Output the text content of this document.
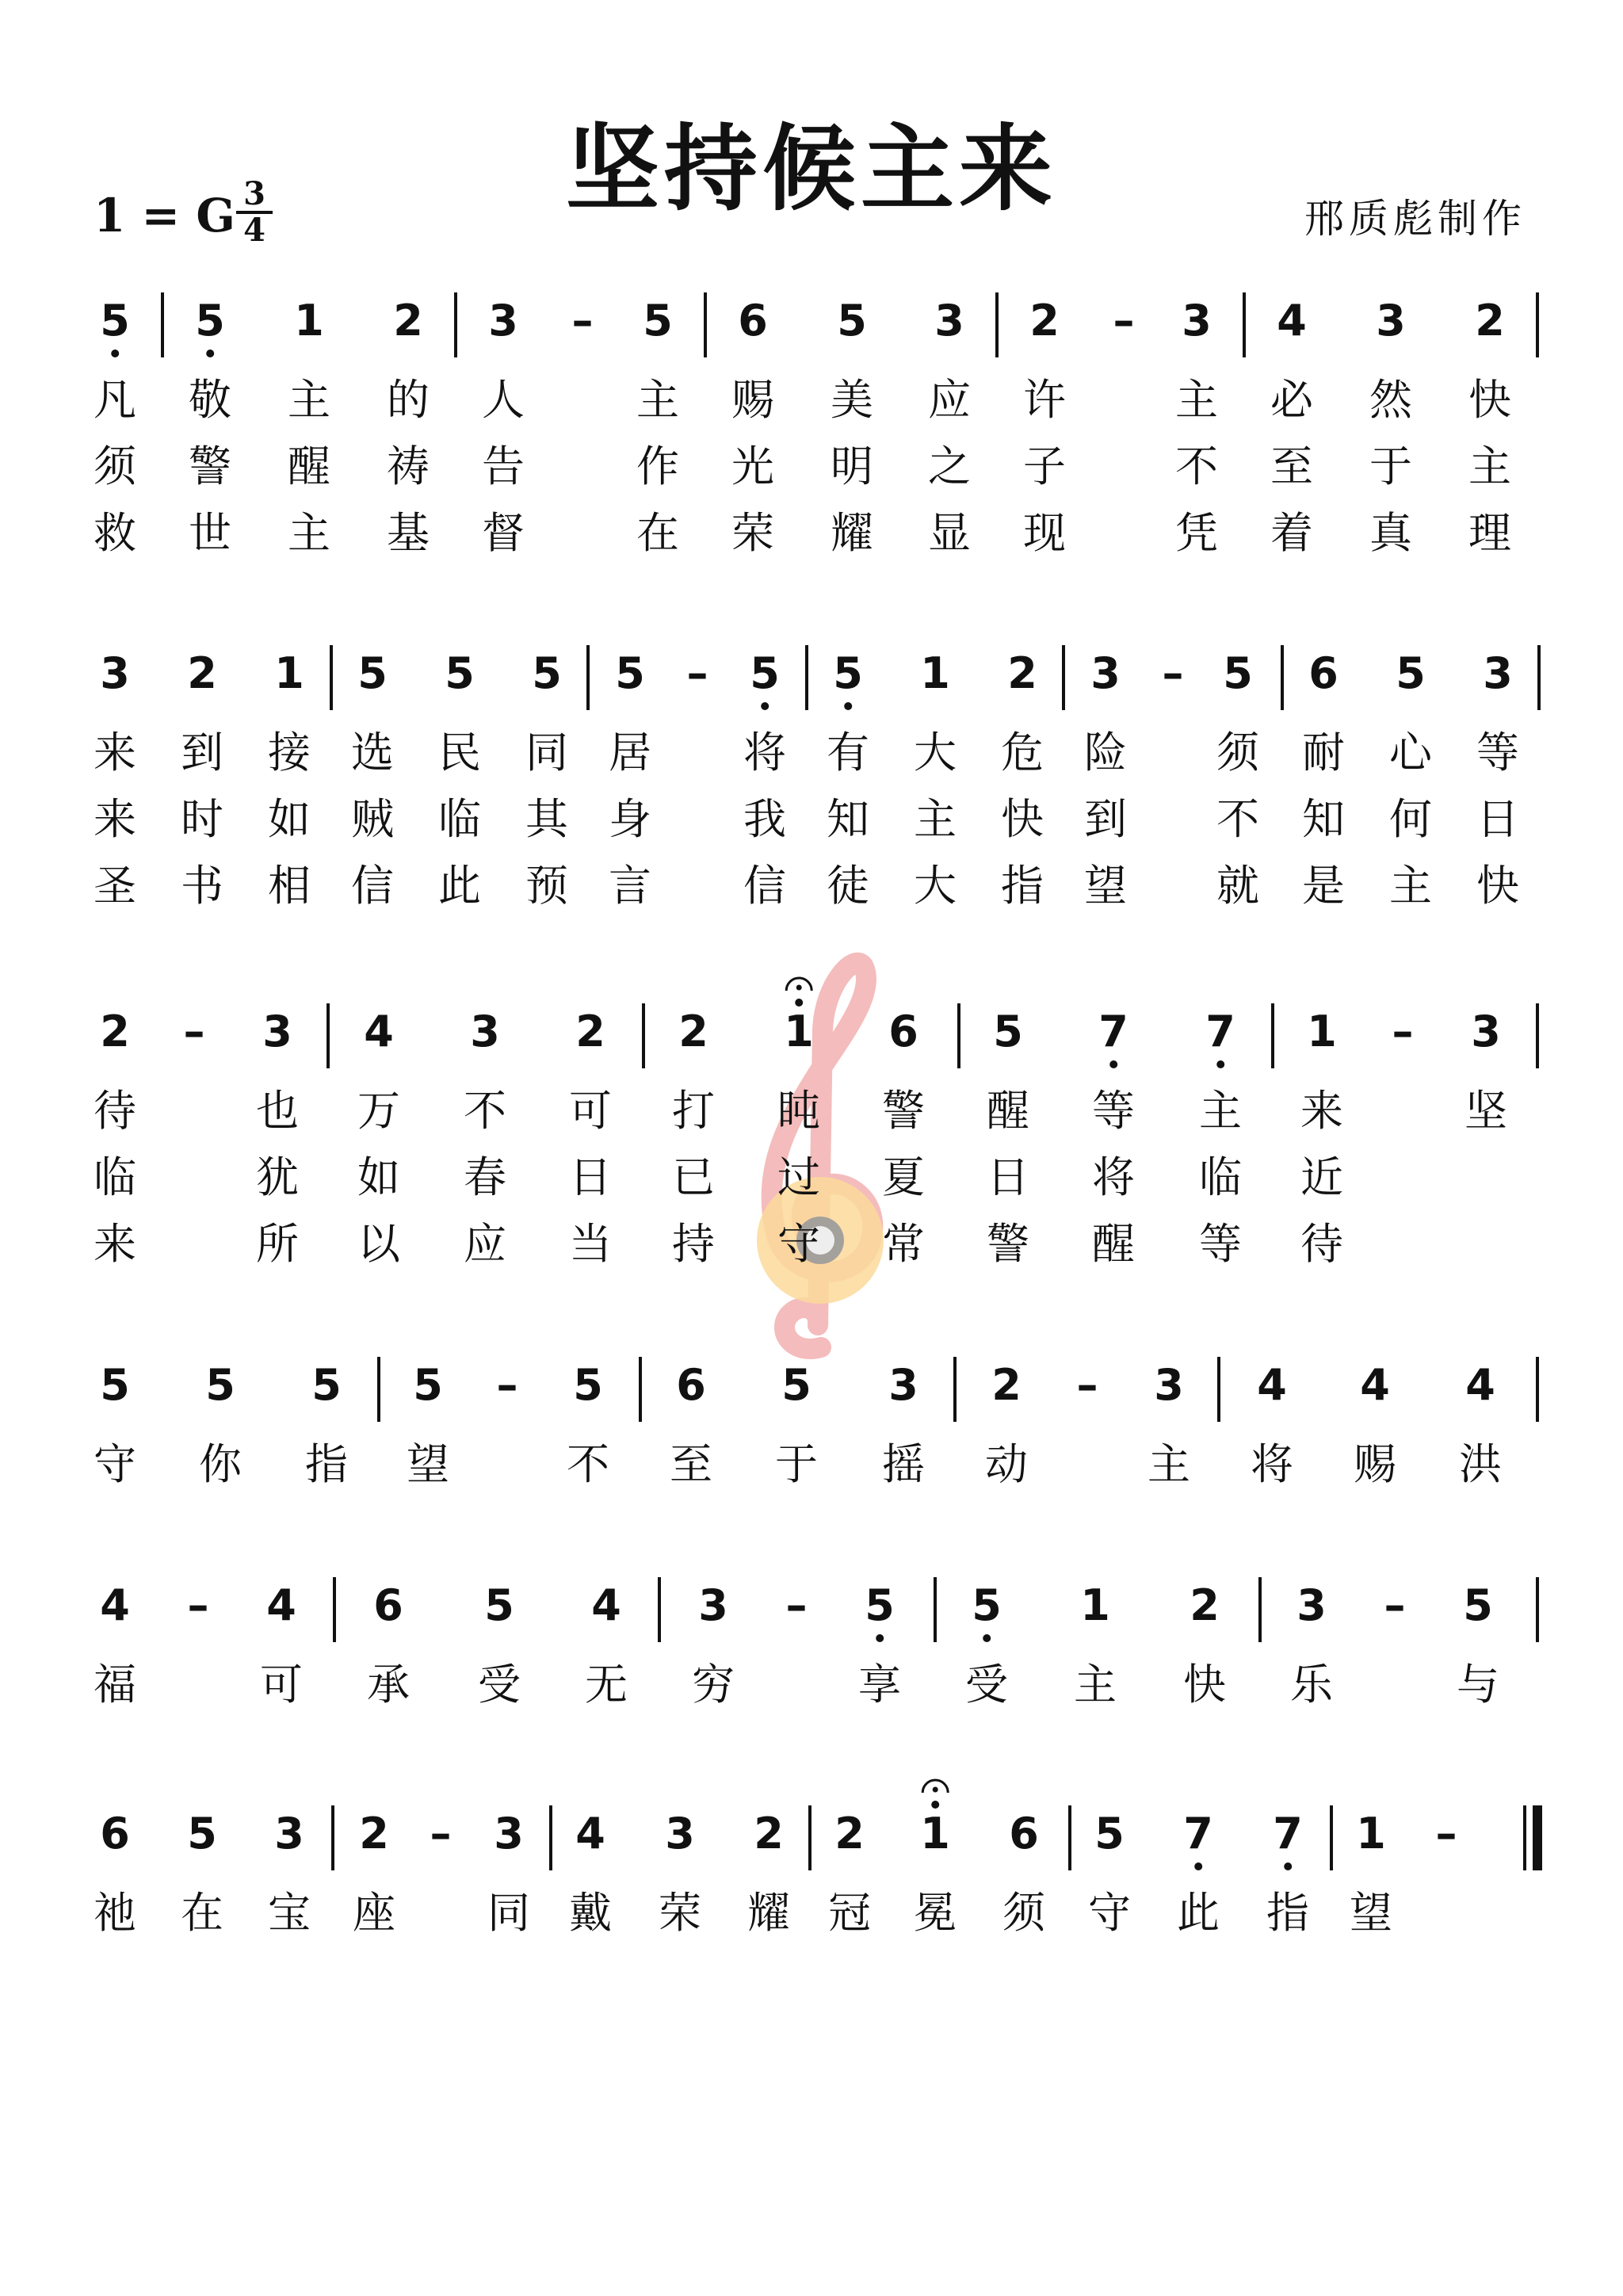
坚持候主来
1 = G 3
4	邢质彪制作
5 5 1 2 3 – 5 6 5 3 2 – 3 4 3 2
凡 敬 主 的 人	主 赐 美 应 许	主 必 然 快
须 警 醒 祷 告	作 光 明 之 子	不 至 于 主
救 世 主 基 督	在 荣 耀 显 现	凭 着 真 理
3 2 1 5 5 5 5 – 5 5 1 2 3 – 5 6 5 3
来 到 接 选 民 同 居 将 有 大 危 险 须 耐 心 等
来 时 如 贼 临 其 身 我 知 主 快 到 不 知 何 日
圣 书 相 信 此 预 言 信 徒 大 指 望 就 是 主 快
2 – 3 4 3 2 2 1 6 5 7 7 1 – 3
待	也 万 不 可 打 盹 警 醒 等 主 来	坚
临	犹 如 春 日 已 过 夏 日 将 临 近
来	所 以 应 当 持 守 常 警 醒 等 待
5 5 5 5 – 5 6 5 3 2 – 3 4 4 4
守 你 指 望	不 至 于 摇 动	主 将 赐 洪
4 – 4 6 5 4 3 – 5 5 1 2 3 – 5
福	可 承 受 无 穷	享 受 主 快 乐	与
6 5 3 2 – 3 4 3 2 2 1 6 5 7 7 1 –
祂 在 宝 座 同 戴 荣 耀 冠 冕 须 守 此 指 望
